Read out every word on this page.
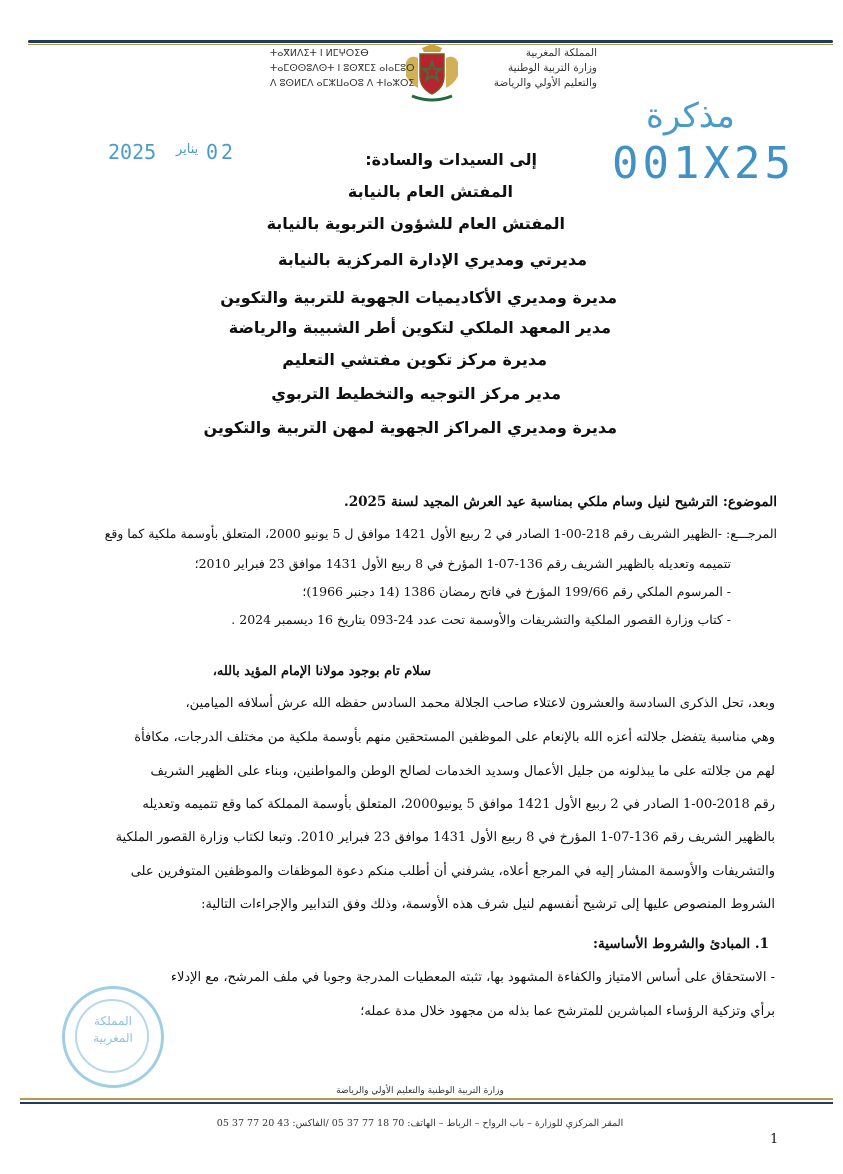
المملكة المغربية
وزارة التربية الوطنية
والتعليم الأولي والرياضة
ⵜⴰⴳⵍⴷⵉⵜ ⵏ ⵍⵎⵖⵔⵉⴱ
ⵜⴰⵎⵙⵙⵓⴷⵙⵜ ⵏ ⵓⵙⴳⵎⵉ ⴰⵏⴰⵎⵓⵔ
ⴷ ⵓⵙⵍⵎⴷ ⴰⵎⵣⵡⴰⵔⵓ ⴷ ⵜⵏⴰⵣⵔⵉ
مذكرة
001X25
2025 يناير 02	إلى السيدات والسادة:
المفتش العام بالنيابة
المفتش العام للشؤون التربوية بالنيابة
مديرتي ومديري الإدارة المركزية بالنيابة
مديرة ومديري الأكاديميات الجهوية للتربية والتكوين
مدير المعهد الملكي لتكوين أطر الشبيبة والرياضة
مديرة مركز تكوين مفتشي التعليم
مدير مركز التوجيه والتخطيط التربوي
مديرة ومديري المراكز الجهوية لمهن التربية والتكوين
الموضوع: الترشيح لنيل وسام ملكي بمناسبة عيد العرش المجيد لسنة 2025.
المرجـــع: -الظهير الشريف رقم 218-00-1 الصادر في 2 ربيع الأول 1421 موافق ل 5 يونيو 2000، المتعلق بأوسمة ملكية كما وقع
تتميمه وتعديله بالظهير الشريف رقم 136-07-1 المؤرخ في 8 ربيع الأول 1431 موافق 23 فبراير 2010؛
- المرسوم الملكي رقم 199/66 المؤرخ في فاتح رمضان 1386 (14 دجنبر 1966)؛
- كتاب وزارة القصور الملكية والتشريفات والأوسمة تحت عدد 24-093 بتاريخ 16 ديسمبر 2024 .
سلام تام بوجود مولانا الإمام المؤيد بالله،
وبعد، تحل الذكرى السادسة والعشرون لاعتلاء صاحب الجلالة محمد السادس حفظه الله عرش أسلافه الميامين،
وهي مناسبة يتفضل جلالته أعزه الله بالإنعام على الموظفين المستحقين منهم بأوسمة ملكية من مختلف الدرجات، مكافأة
لهم من جلالته على ما يبذلونه من جليل الأعمال وسديد الخدمات لصالح الوطن والمواطنين، وبناء على الظهير الشريف
رقم 2018-00-1 الصادر في 2 ربيع الأول 1421 موافق 5 يونيو2000، المتعلق بأوسمة المملكة كما وقع تتميمه وتعديله
بالظهير الشريف رقم 136-07-1 المؤرخ في 8 ربيع الأول 1431 موافق 23 فبراير 2010. وتبعا لكتاب وزارة القصور الملكية
والتشريفات والأوسمة المشار إليه في المرجع أعلاه، يشرفني أن أطلب منكم دعوة الموظفات والموظفين المتوفرين على
الشروط المنصوص عليها إلى ترشيح أنفسهم لنيل شرف هذه الأوسمة، وذلك وفق التدابير والإجراءات التالية:
1. المبادئ والشروط الأساسية:
- الاستحقاق على أساس الامتياز والكفاءة المشهود بها، تثبته المعطيات المدرجة وجوبا في ملف المرشح، مع الإدلاء
برأي وتزكية الرؤساء المباشرين للمترشح عما بذله من مجهود خلال مدة عمله؛
المملكة
المغربية
وزارة التربية الوطنية والتعليم الأولي والرياضة
المقر المركزي للوزارة – باب الرواح – الرباط – الهاتف: 70 18 77 37 05 /الفاكس: 43 20 77 37 05
1
